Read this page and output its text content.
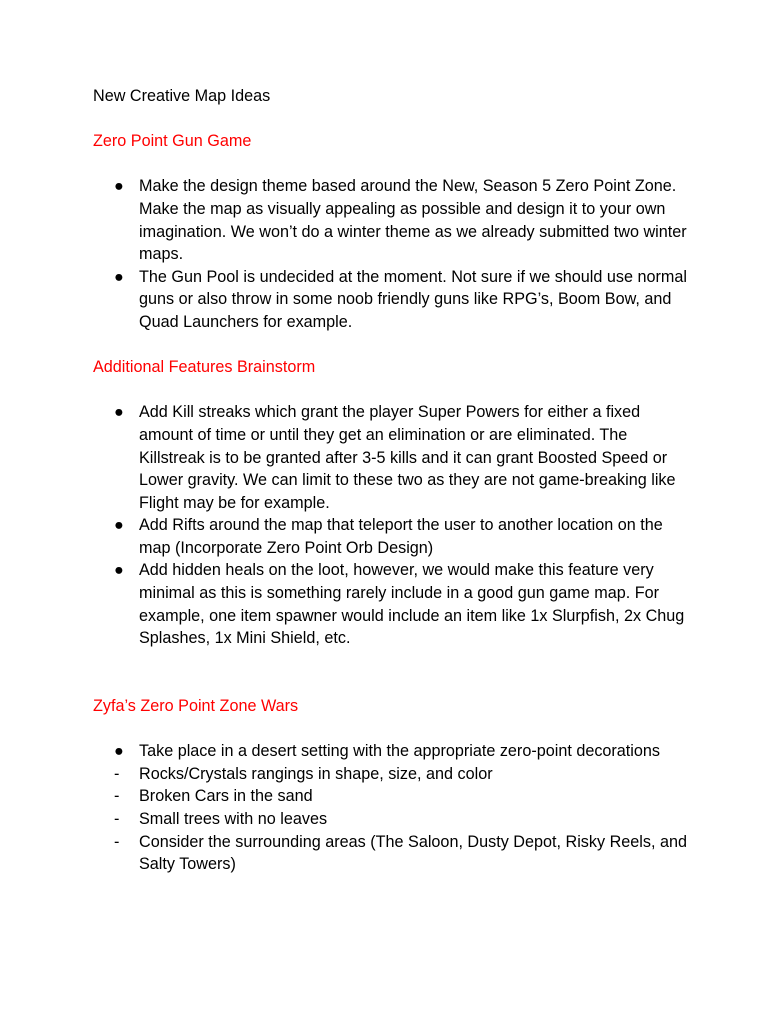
New Creative Map Ideas

Zero Point Gun Game

● Make the design theme based around the New, Season 5 Zero Point Zone. Make the map as visually appealing as possible and design it to your own imagination. We won’t do a winter theme as we already submitted two winter maps.
● The Gun Pool is undecided at the moment. Not sure if we should use normal guns or also throw in some noob friendly guns like RPG’s, Boom Bow, and Quad Launchers for example.

Additional Features Brainstorm

● Add Kill streaks which grant the player Super Powers for either a fixed amount of time or until they get an elimination or are eliminated. The Killstreak is to be granted after 3-5 kills and it can grant Boosted Speed or Lower gravity. We can limit to these two as they are not game-breaking like Flight may be for example.
● Add Rifts around the map that teleport the user to another location on the map (Incorporate Zero Point Orb Design)
● Add hidden heals on the loot, however, we would make this feature very minimal as this is something rarely include in a good gun game map. For example, one item spawner would include an item like 1x Slurpfish, 2x Chug Splashes, 1x Mini Shield, etc.

Zyfa’s Zero Point Zone Wars

● Take place in a desert setting with the appropriate zero-point decorations
-	Rocks/Crystals rangings in shape, size, and color
-	Broken Cars in the sand
-	Small trees with no leaves
-	Consider the surrounding areas (The Saloon, Dusty Depot, Risky Reels, and Salty Towers)
